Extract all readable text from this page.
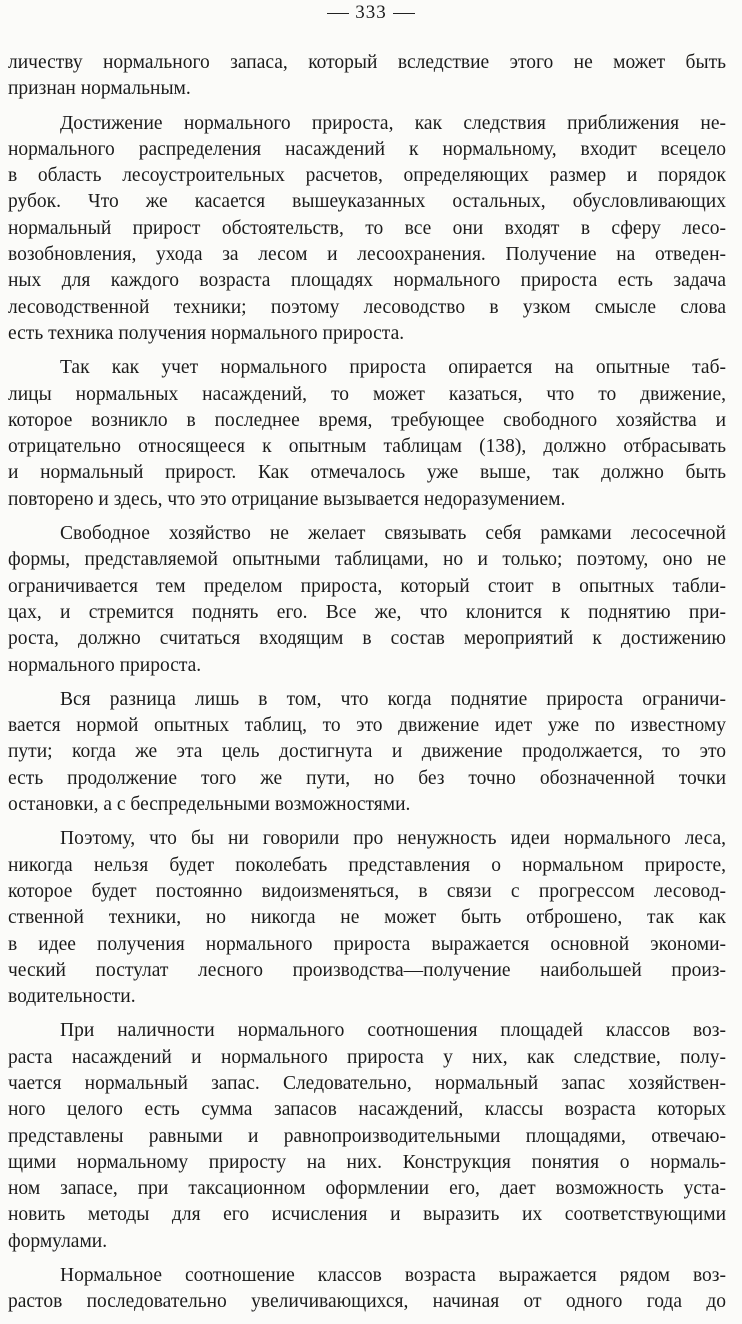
333
личеству нормального запаса, который вследствие этого не может быть
признан нормальным.
Достижение нормального прироста, как следствия приближения не-
нормального распределения насаждений к нормальному, входит всецело
в область лесоустроительных расчетов, определяющих размер и порядок
рубок. Что же касается вышеуказанных остальных, обусловливающих
нормальный прирост обстоятельств, то все они входят в сферу лесо-
возобновления, ухода за лесом и лесоохранения. Получение на отведен-
ных для каждого возраста площадях нормального прироста есть задача
лесоводственной техники; поэтому лесоводство в узком смысле слова
есть техника получения нормального прироста.
Так как учет нормального прироста опирается на опытные таб-
лицы нормальных насаждений, то может казаться, что то движение,
которое возникло в последнее время, требующее свободного хозяйства и
отрицательно относящееся к опытным таблицам (138), должно отбрасывать
и нормальный прирост. Как отмечалось уже выше, так должно быть
повторено и здесь, что это отрицание вызывается недоразумением.
Свободное хозяйство не желает связывать себя рамками лесосечной
формы, представляемой опытными таблицами, но и только; поэтому, оно не
ограничивается тем пределом прироста, который стоит в опытных табли-
цах, и стремится поднять его. Все же, что клонится к поднятию при-
роста, должно считаться входящим в состав мероприятий к достижению
нормального прироста.
Вся разница лишь в том, что когда поднятие прироста ограничи-
вается нормой опытных таблиц, то это движение идет уже по известному
пути; когда же эта цель достигнута и движение продолжается, то это
есть продолжение того же пути, но без точно обозначенной точки
остановки, а с беспредельными возможностями.
Поэтому, что бы ни говорили про ненужность идеи нормального леса,
никогда нельзя будет поколебать представления о нормальном приросте,
которое будет постоянно видоизменяться, в связи с прогрессом лесовод-
ственной техники, но никогда не может быть отброшено, так как
в идее получения нормального прироста выражается основной экономи-
ческий постулат лесного производства—получение наибольшей произ-
водительности.
При наличности нормального соотношения площадей классов воз-
раста насаждений и нормального прироста у них, как следствие, полу-
чается нормальный запас. Следовательно, нормальный запас хозяйствен-
ного целого есть сумма запасов насаждений, классы возраста которых
представлены равными и равнопроизводительными площадями, отвечаю-
щими нормальному приросту на них. Конструкция понятия о нормаль-
ном запасе, при таксационном оформлении его, дает возможность уста-
новить методы для его исчисления и выразить их соответствующими
формулами.
Нормальное соотношение классов возраста выражается рядом воз-
растов последовательно увеличивающихся, начиная от одного года до
